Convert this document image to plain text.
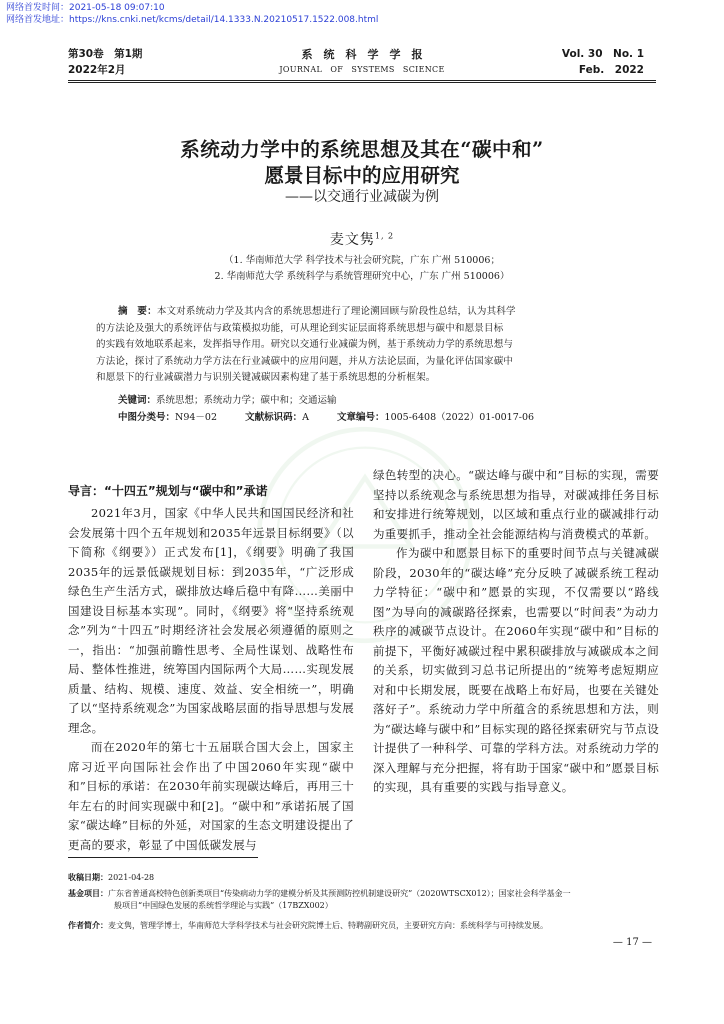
网络首发时间：2021-05-18 09:07:10
网络首发地址：https://kns.cnki.net/kcms/detail/14.1333.N.20210517.1522.008.html
第30卷　第1期
2022年2月
系　统　科　学　学　报
JOURNAL　OF　SYSTEMS　SCIENCE
Vol. 30　No. 1
Feb.　2022
系统动力学中的系统思想及其在“碳中和”
愿景目标中的应用研究
——以交通行业减碳为例
麦文隽$^{1, 2}$
（1. 华南师范大学 科学技术与社会研究院，广东 广州 510006；
2. 华南师范大学 系统科学与系统管理研究中心，广东 广州 510006）
摘　要：本文对系统动力学及其内含的系统思想进行了理论溯回顾与阶段性总结，认为其科学
的方法论及强大的系统评估与政策模拟功能，可从理论到实证层面将系统思想与碳中和愿景目标
的实践有效地联系起来，发挥指导作用。研究以交通行业减碳为例，基于系统动力学的系统思想与
方法论，探讨了系统动力学方法在行业减碳中的应用问题，并从方法论层面，为量化评估国家碳中
和愿景下的行业减碳潜力与识别关键减碳因素构建了基于系统思想的分析框架。
关键词：系统思想；系统动力学；碳中和；交通运输
中图分类号：N94－02	文献标识码：A	文章编号：1005-6408（2022）01-0017-06
导言：“十四五”规划与“碳中和”承诺

2021年3月，国家《中华人民共和国国民经济和社会发展第十四个五年规划和2035年远景目标纲要》（以下简称《纲要》）正式发布[1]，《纲要》明确了我国2035年的远景低碳规划目标：到2035年，“广泛形成绿色生产生活方式，碳排放达峰后稳中有降……美丽中国建设目标基本实现”。同时，《纲要》将“坚持系统观念”列为“十四五”时期经济社会发展必须遵循的原则之一，指出：“加强前瞻性思考、全局性谋划、战略性布局、整体性推进，统筹国内国际两个大局……实现发展质量、结构、规模、速度、效益、安全相统一”，明确了以“坚持系统观念”为国家战略层面的指导思想与发展理念。

而在2020年的第七十五届联合国大会上，国家主席习近平向国际社会作出了中国2060年实现“碳中和”目标的承诺：在2030年前实现碳达峰后，再用三十年左右的时间实现碳中和[2]。“碳中和”承诺拓展了国家“碳达峰”目标的外延，对国家的生态文明建设提出了更高的要求，彰显了中国低碳发展与

绿色转型的决心。“碳达峰与碳中和”目标的实现，需要坚持以系统观念与系统思想为指导，对碳减排任务目标和安排进行统筹规划，以区域和重点行业的碳减排行动为重要抓手，推动全社会能源结构与消费模式的革新。

作为碳中和愿景目标下的重要时间节点与关键减碳阶段，2030年的“碳达峰”充分反映了减碳系统工程动力学特征：“碳中和”愿景的实现，不仅需要以“路线图”为导向的减碳路径探索，也需要以“时间表”为动力秩序的减碳节点设计。在2060年实现“碳中和”目标的前提下，平衡好减碳过程中累积碳排放与减碳成本之间的关系，切实做到习总书记所提出的“统筹考虑短期应对和中长期发展，既要在战略上布好局，也要在关键处落好子”。系统动力学中所蕴含的系统思想和方法，则为“碳达峰与碳中和”目标实现的路径探索研究与节点设计提供了一种科学、可靠的学科方法。对系统动力学的深入理解与充分把握，将有助于国家“碳中和”愿景目标的实现，具有重要的实践与指导意义。

收稿日期：2021-04-28
基金项目：广东省普通高校特色创新类项目“传染病动力学的建模分析及其预测防控机制建设研究”（2020WTSCX012）；国家社会科学基金一
般项目“中国绿色发展的系统哲学理论与实践”（17BZX002）
作者简介：麦文隽，管理学博士，华南师范大学科学技术与社会研究院博士后、特聘副研究员，主要研究方向：系统科学与可持续发展。
— 17 —
